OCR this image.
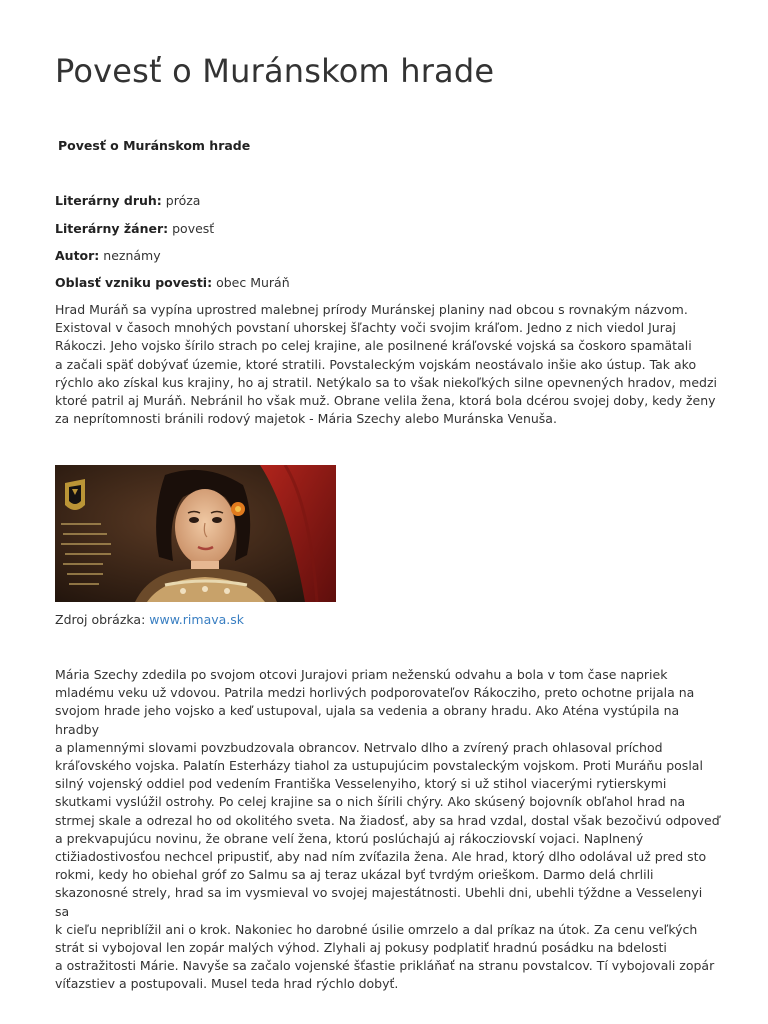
Povesť o Muránskom hrade

Povesť o Muránskom hrade

Literárny druh: próza

Literárny žáner: povesť

Autor: neznámy

Oblasť vzniku povesti: obec Muráň

Hrad Muráň sa vypína uprostred malebnej prírody Muránskej planiny nad obcou s rovnakým názvom.
Existoval v časoch mnohých povstaní uhorskej šľachty voči svojim kráľom. Jedno z nich viedol Juraj
Rákoczi. Jeho vojsko šírilo strach po celej krajine, ale posilnené kráľovské vojská sa čoskoro spamätali
a začali späť dobývať územie, ktoré stratili. Povstaleckým vojskám neostávalo inšie ako ústup. Tak ako
rýchlo ako získal kus krajiny, ho aj stratil. Netýkalo sa to však niekoľkých silne opevnených hradov, medzi
ktoré patril aj Muráň. Nebránil ho však muž. Obrane velila žena, ktorá bola dcérou svojej doby, kedy ženy
za neprítomnosti bránili rodový majetok - Mária Szechy alebo Muránska Venuša.

Zdroj obrázka: www.rimava.sk

Mária Szechy zdedila po svojom otcovi Jurajovi priam neženskú odvahu a bola v tom čase napriek
mladému veku už vdovou. Patrila medzi horlivých podporovateľov Rákocziho, preto ochotne prijala na
svojom hrade jeho vojsko a keď ustupoval, ujala sa vedenia a obrany hradu. Ako Aténa vystúpila na hradby
a plamennými slovami povzbudzovala obrancov. Netrvalo dlho a zvírený prach ohlasoval príchod
kráľovského vojska. Palatín Esterházy tiahol za ustupujúcim povstaleckým vojskom. Proti Muráňu poslal
silný vojenský oddiel pod vedením Františka Vesselenyiho, ktorý si už stihol viacerými rytierskymi
skutkami vyslúžil ostrohy. Po celej krajine sa o nich šírili chýry. Ako skúsený bojovník obľahol hrad na
strmej skale a odrezal ho od okolitého sveta. Na žiadosť, aby sa hrad vzdal, dostal však bezočivú odpoveď
a prekvapujúcu novinu, že obrane velí žena, ktorú poslúchajú aj rákocziovskí vojaci. Naplnený
ctižiadostivosťou nechcel pripustiť, aby nad ním zvíťazila žena. Ale hrad, ktorý dlho odolával už pred sto
rokmi, kedy ho obiehal gróf zo Salmu sa aj teraz ukázal byť tvrdým orieškom. Darmo delá chrlili
skazonosné strely, hrad sa im vysmieval vo svojej majestátnosti. Ubehli dni, ubehli týždne a Vesselenyi sa
k cieľu nepriblížil ani o krok. Nakoniec ho darobné úsilie omrzelo a dal príkaz na útok. Za cenu veľkých
strát si vybojoval len zopár malých výhod. Zlyhali aj pokusy podplatiť hradnú posádku na bdelosti
a ostražitosti Márie. Navyše sa začalo vojenské šťastie prikláňať na stranu povstalcov. Tí vybojovali zopár
víťazstiev a postupovali. Musel teda hrad rýchlo dobyť.
